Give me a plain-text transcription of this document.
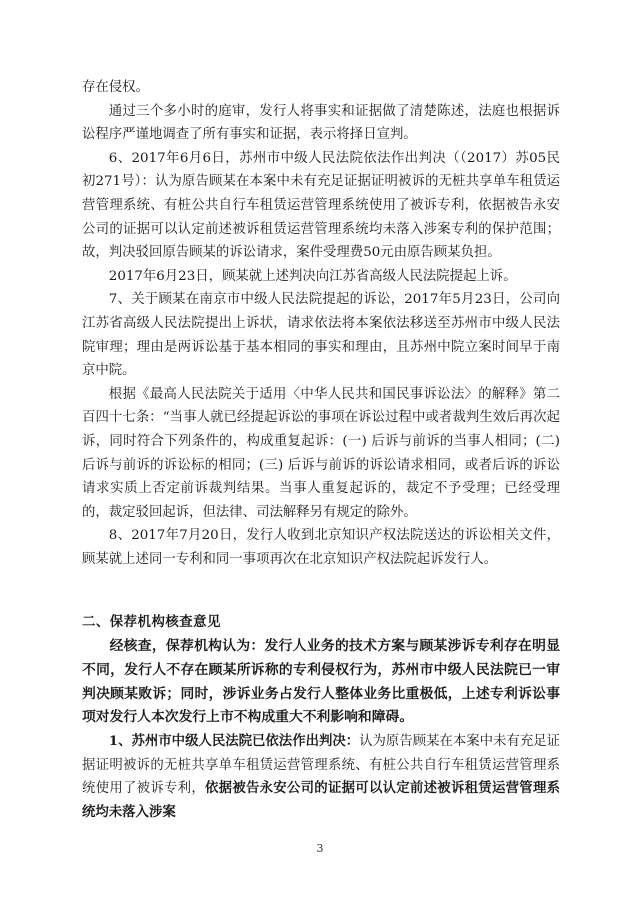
存在侵权。

通过三个多小时的庭审，发行人将事实和证据做了清楚陈述，法庭也根据诉讼程序严谨地调查了所有事实和证据，表示将择日宣判。

6、2017年6月6日，苏州市中级人民法院依法作出判决（（2017）苏05民初271号）：认为原告顾某在本案中未有充足证据证明被诉的无桩共享单车租赁运营管理系统、有桩公共自行车租赁运营管理系统使用了被诉专利，依据被告永安公司的证据可以认定前述被诉租赁运营管理系统均未落入涉案专利的保护范围；故，判决驳回原告顾某的诉讼请求，案件受理费50元由原告顾某负担。

2017年6月23日，顾某就上述判决向江苏省高级人民法院提起上诉。

7、关于顾某在南京市中级人民法院提起的诉讼，2017年5月23日，公司向江苏省高级人民法院提出上诉状，请求依法将本案依法移送至苏州市中级人民法院审理；理由是两诉讼基于基本相同的事实和理由，且苏州中院立案时间早于南京中院。

根据《最高人民法院关于适用〈中华人民共和国民事诉讼法〉的解释》第二百四十七条：“当事人就已经提起诉讼的事项在诉讼过程中或者裁判生效后再次起诉，同时符合下列条件的，构成重复起诉：(一) 后诉与前诉的当事人相同；(二) 后诉与前诉的诉讼标的相同；(三) 后诉与前诉的诉讼请求相同，或者后诉的诉讼请求实质上否定前诉裁判结果。当事人重复起诉的，裁定不予受理；已经受理的，裁定驳回起诉，但法律、司法解释另有规定的除外。

8、2017年7月20日，发行人收到北京知识产权法院送达的诉讼相关文件，顾某就上述同一专利和同一事项再次在北京知识产权法院起诉发行人。

二、保荐机构核查意见

经核查，保荐机构认为：发行人业务的技术方案与顾某涉诉专利存在明显不同，发行人不存在顾某所诉称的专利侵权行为，苏州市中级人民法院已一审判决顾某败诉；同时，涉诉业务占发行人整体业务比重极低，上述专利诉讼事项对发行人本次发行上市不构成重大不利影响和障碍。

1、苏州市中级人民法院已依法作出判决：认为原告顾某在本案中未有充足证据证明被诉的无桩共享单车租赁运营管理系统、有桩公共自行车租赁运营管理系统使用了被诉专利，依据被告永安公司的证据可以认定前述被诉租赁运营管理系统均未落入涉案

3
